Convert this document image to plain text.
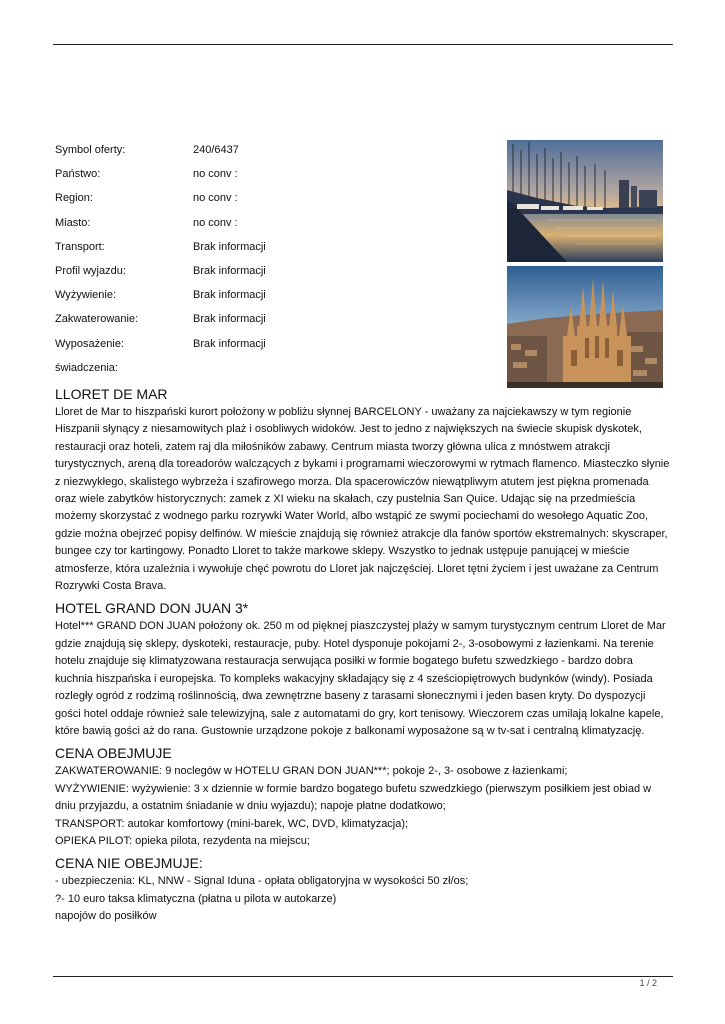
Symbol oferty:	240/6437
Państwo:	no conv :
Region:	no conv :
Miasto:	no conv :
Transport:	Brak informacji
Profil wyjazdu:	Brak informacji
Wyżywienie:	Brak informacji
Zakwaterowanie:	Brak informacji
Wyposażenie:	Brak informacji
świadczenia:
LLORET DE MAR

Lloret de Mar to hiszpański kurort położony w pobliżu słynnej BARCELONY - uważany za najciekawszy w tym regionie Hiszpanii słynący z niesamowitych plaż i osobliwych widoków. Jest to jedno z największych na świecie skupisk dyskotek, restauracji oraz hoteli, zatem raj dla miłośników zabawy. Centrum miasta tworzy główna ulica z mnóstwem atrakcji turystycznych, areną dla toreadorów walczących z bykami i programami wieczorowymi w rytmach flamenco. Miasteczko słynie z niezwykłego, skalistego wybrzeża i szafirowego morza. Dla spacerowiczów niewątpliwym atutem jest piękna promenada oraz wiele zabytków historycznych: zamek z XI wieku na skałach, czy pustelnia San Quice. Udając się na przedmieścia możemy skorzystać z wodnego parku rozrywki Water World, albo wstąpić ze swymi pociechami do wesołego Aquatic Zoo, gdzie można obejrzeć popisy delfinów. W mieście znajdują się również atrakcje dla fanów sportów ekstremalnych: skyscraper, bungee czy tor kartingowy. Ponadto Lloret to także markowe sklepy. Wszystko to jednak ustępuje panującej w mieście atmosferze, która uzależnia i wywołuje chęć powrotu do Lloret jak najczęściej. Lloret tętni życiem i jest uważane za Centrum Rozrywki Costa Brava.

HOTEL GRAND DON JUAN 3*

Hotel*** GRAND DON JUAN położony ok. 250 m od pięknej piaszczystej plaży w samym turystycznym centrum Lloret de Mar gdzie znajdują się sklepy, dyskoteki, restauracje, puby. Hotel dysponuje pokojami 2-, 3-osobowymi z łazienkami. Na terenie hotelu znajduje się klimatyzowana restauracja serwująca posiłki w formie bogatego bufetu szwedzkiego - bardzo dobra kuchnia hiszpańska i europejska. To kompleks wakacyjny składający się z 4 sześciopiętrowych budynków (windy). Posiada rozległy ogród z rodzimą roślinnością, dwa zewnętrzne baseny z tarasami słonecznymi i jeden basen kryty. Do dyspozycji gości hotel oddaje również sale telewizyjną, sale z automatami do gry, kort tenisowy. Wieczorem czas umilają lokalne kapele, które bawią gości aż do rana. Gustownie urządzone pokoje z balkonami wyposażone są w tv-sat i centralną klimatyzację.

CENA OBEJMUJE
ZAKWATEROWANIE: 9 noclegów w HOTELU GRAN DON JUAN***; pokoje 2-, 3- osobowe z łazienkami;
WYŻYWIENIE: wyżywienie: 3 x dziennie w formie bardzo bogatego bufetu szwedzkiego (pierwszym posiłkiem jest obiad w dniu przyjazdu, a ostatnim śniadanie w dniu wyjazdu); napoje płatne dodatkowo;
TRANSPORT: autokar komfortowy (mini-barek, WC, DVD, klimatyzacja);
OPIEKA PILOT: opieka pilota, rezydenta na miejscu;
CENA NIE OBEJMUJE:
- ubezpieczenia: KL, NNW - Signal Iduna - opłata obligatoryjna w wysokości 50 zł/os;
?- 10 euro taksa klimatyczna (płatna u pilota w autokarze)
napojów do posiłków
1 / 2
